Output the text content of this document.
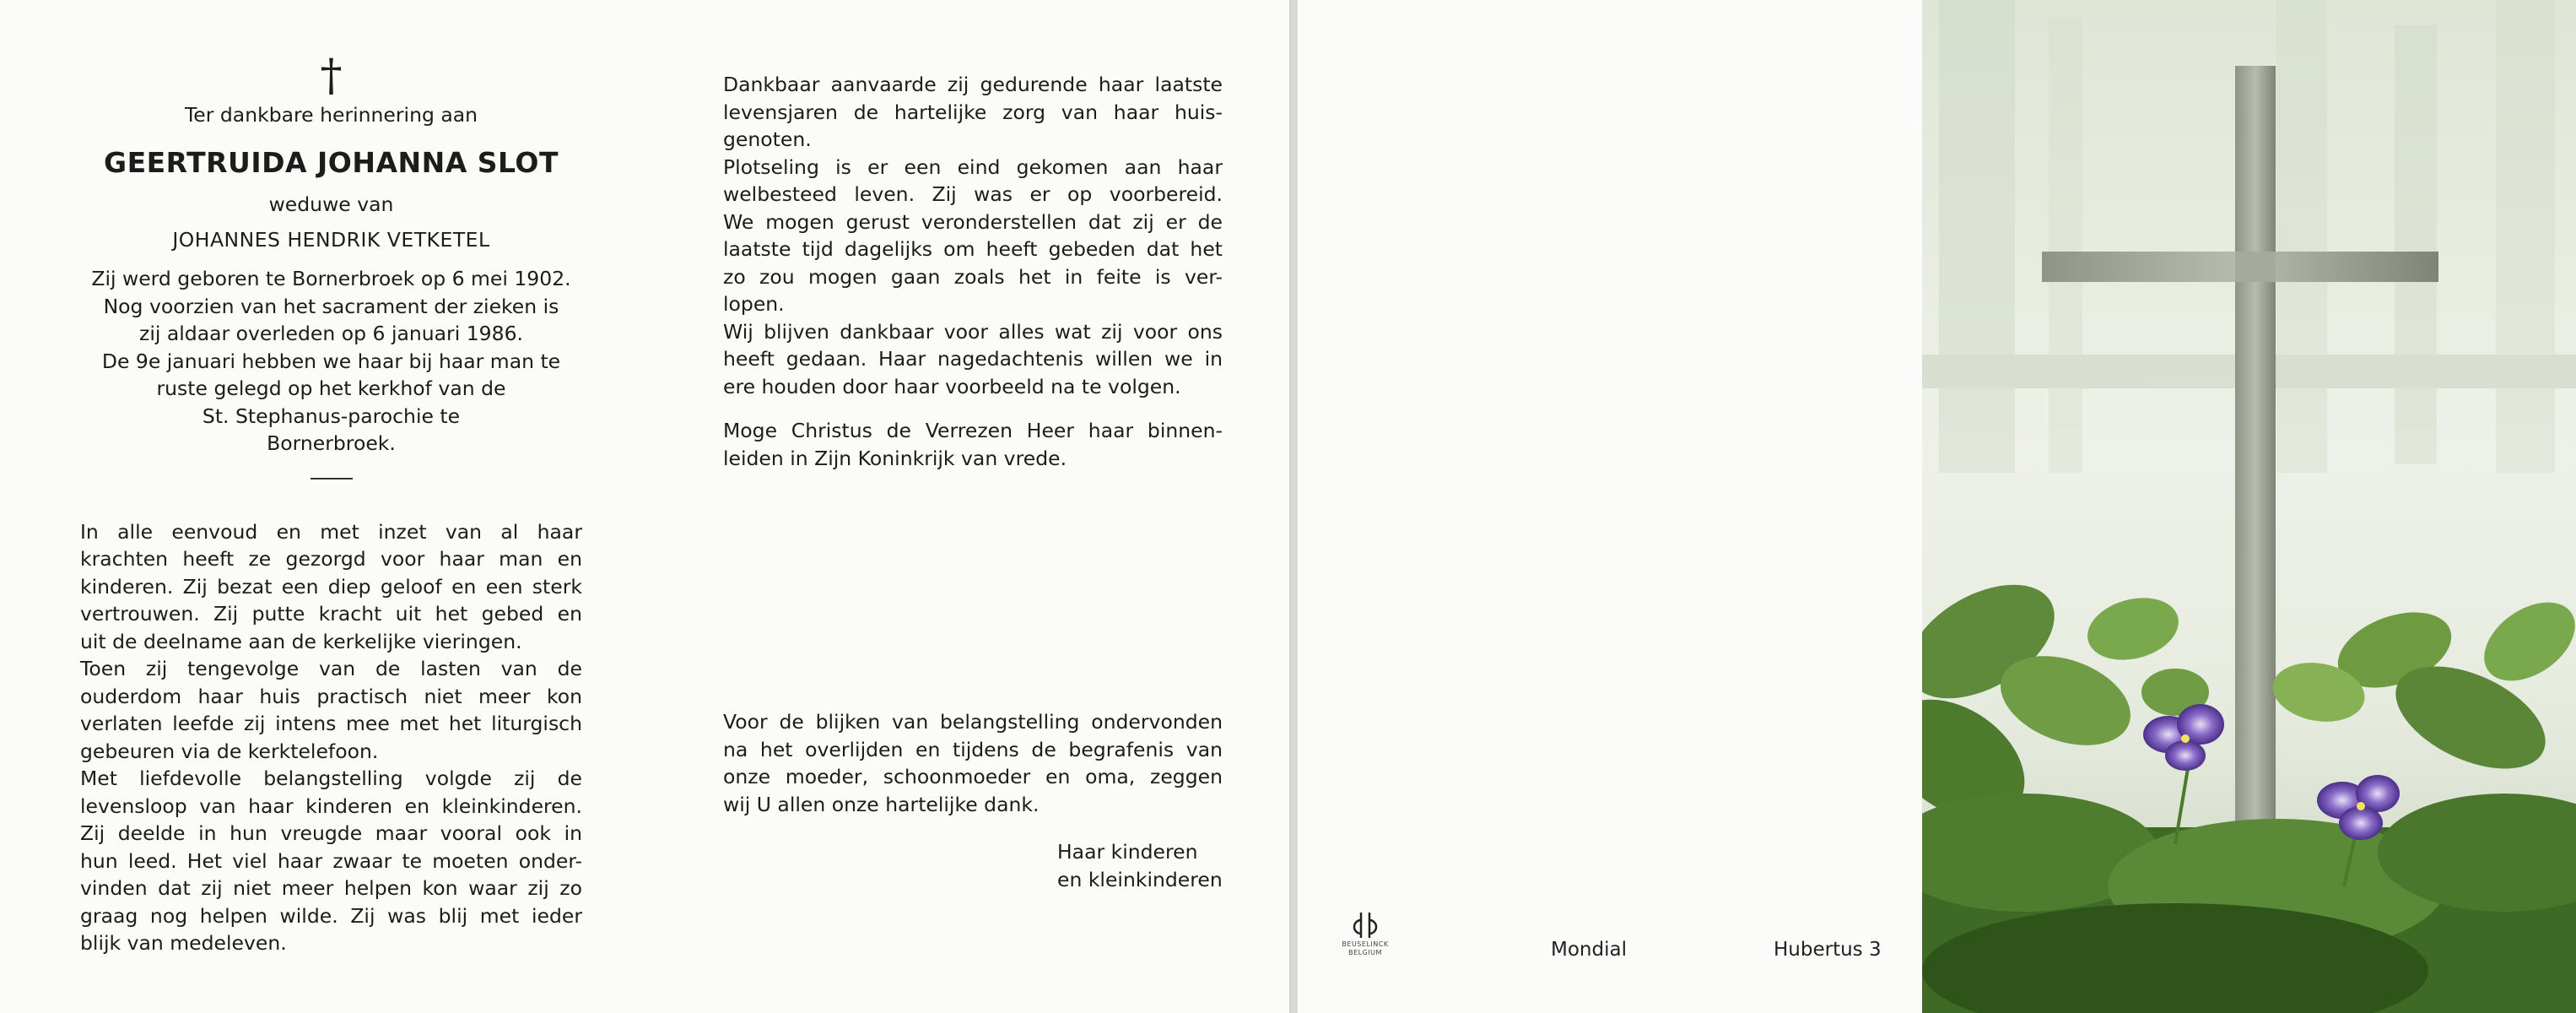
†

Ter dankbare herinnering aan

GEERTRUIDA JOHANNA SLOT

weduwe van

JOHANNES HENDRIK VETKETEL

Zij werd geboren te Bornerbroek op 6 mei 1902.

Nog voorzien van het sacrament der zieken is

zij aldaar overleden op 6 januari 1986.

De 9e januari hebben we haar bij haar man te

ruste gelegd op het kerkhof van de

St. Stephanus-parochie te

Bornerbroek.

In alle eenvoud en met inzet van al haar

krachten heeft ze gezorgd voor haar man en

kinderen. Zij bezat een diep geloof en een sterk

vertrouwen. Zij putte kracht uit het gebed en

uit de deelname aan de kerkelijke vieringen.

Toen zij tengevolge van de lasten van de

ouderdom haar huis practisch niet meer kon

verlaten leefde zij intens mee met het liturgisch

gebeuren via de kerktelefoon.

Met liefdevolle belangstelling volgde zij de

levensloop van haar kinderen en kleinkinderen.

Zij deelde in hun vreugde maar vooral ook in

hun leed. Het viel haar zwaar te moeten onder-

vinden dat zij niet meer helpen kon waar zij zo

graag nog helpen wilde. Zij was blij met ieder

blijk van medeleven.

Dankbaar aanvaarde zij gedurende haar laatste

levensjaren de hartelijke zorg van haar huis-

genoten.

Plotseling is er een eind gekomen aan haar

welbesteed leven. Zij was er op voorbereid.

We mogen gerust veronderstellen dat zij er de

laatste tijd dagelijks om heeft gebeden dat het

zo zou mogen gaan zoals het in feite is ver-

lopen.

Wij blijven dankbaar voor alles wat zij voor ons

heeft gedaan. Haar nagedachtenis willen we in

ere houden door haar voorbeeld na te volgen.

Moge Christus de Verrezen Heer haar binnen-

leiden in Zijn Koninkrijk van vrede.

Voor de blijken van belangstelling ondervonden

na het overlijden en tijdens de begrafenis van

onze moeder, schoonmoeder en oma, zeggen

wij U allen onze hartelijke dank.

Haar kinderen

en kleinkinderen

BEUSELINCK BELGIUM	Mondial	Hubertus 3
